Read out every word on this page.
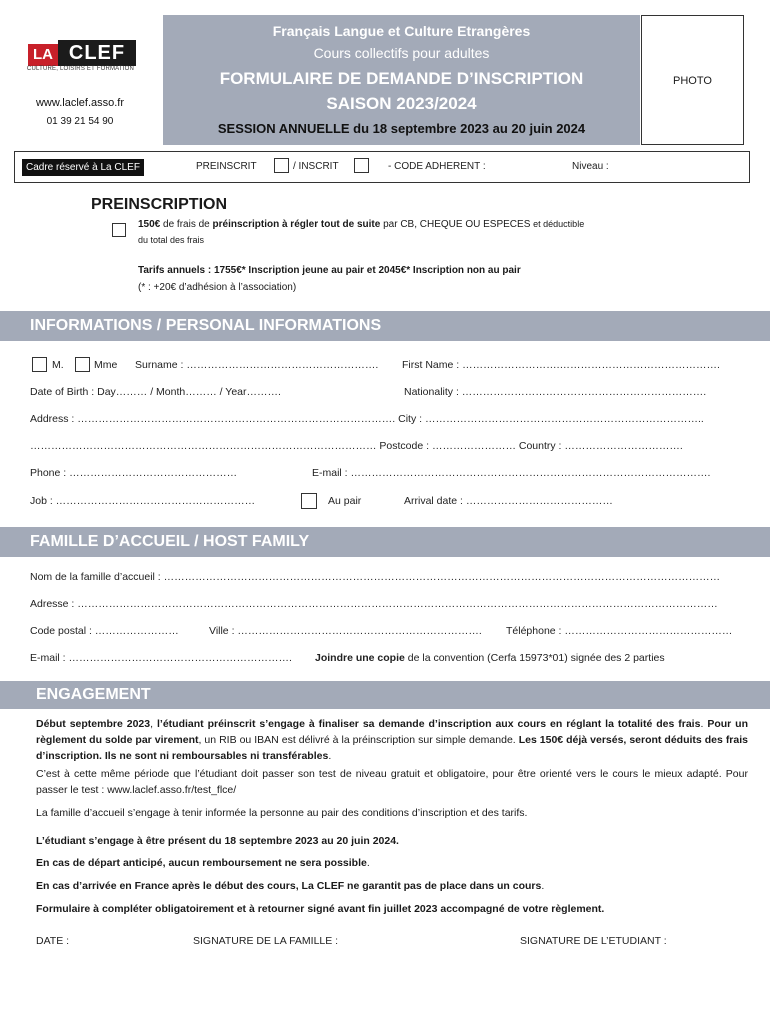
LA CLEF
CULTURE, LOISIRS ET FORMATION
www.laclef.asso.fr
01 39 21 54 90
Français Langue et Culture Etrangères
Cours collectifs pour adultes
FORMULAIRE DE DEMANDE D’INSCRIPTION
SAISON 2023/2024
SESSION ANNUELLE du 18 septembre 2023 au 20 juin 2024
PHOTO
Cadre réservé à La CLEF	PREINSCRIT	/ INSCRIT	- CODE ADHERENT :	Niveau :
PREINSCRIPTION
150€ de frais de préinscription à régler tout de suite par CB, CHEQUE OU ESPECES et déductible
du total des frais
Tarifs annuels : 1755€* Inscription jeune au pair et 2045€* Inscription non au pair
(* : +20€ d’adhésion à l’association)
INFORMATIONS / PERSONAL INFORMATIONS
M.	Mme Surname : ………………………………………………. First Name : ……………………….……………………………………….
Date of Birth : Day……… / Month……… / Year……….	Nationality : …………………………………………………………….
Address : ………………………………………………………………………………. City : ……………………………………………………………………..
……………………………………………………………………………………… Postcode : …………………… Country : …………………………….
Phone : …………………………………………	E-mail : ………………………………………………………………………………………….
Job : …………………………………………………	Au pair	Arrival date : ……………………………………
FAMILLE D’ACCUEIL / HOST FAMILY
Nom de la famille d’accueil : ……………………………………………………………………………………………………………………………………………
Adresse : …………………………………………………………………………………………………………………………………………………………………
Code postal : ……………………	Ville : ……………………………………………………………. Téléphone : …………………………………………
E-mail : ………………………………………………………. Joindre une copie de la convention (Cerfa 15973*01) signée des 2 parties
ENGAGEMENT
Début septembre 2023, l’étudiant préinscrit s’engage à finaliser sa demande d’inscription aux cours en réglant la totalité des frais. Pour un règlement du solde par virement, un RIB ou IBAN est délivré à la préinscription sur simple demande. Les 150€ déjà versés, seront déduits des frais d’inscription. Ils ne sont ni remboursables ni transférables.
C’est à cette même période que l’étudiant doit passer son test de niveau gratuit et obligatoire, pour être orienté vers le cours le mieux adapté. Pour passer le test : www.laclef.asso.fr/test_flce/
La famille d’accueil s’engage à tenir informée la personne au pair des conditions d’inscription et des tarifs.
L’étudiant s’engage à être présent du 18 septembre 2023 au 20 juin 2024.
En cas de départ anticipé, aucun remboursement ne sera possible.
En cas d’arrivée en France après le début des cours, La CLEF ne garantit pas de place dans un cours.
Formulaire à compléter obligatoirement et à retourner signé avant fin juillet 2023 accompagné de votre règlement.
DATE :	SIGNATURE DE LA FAMILLE :	SIGNATURE DE L’ETUDIANT :
